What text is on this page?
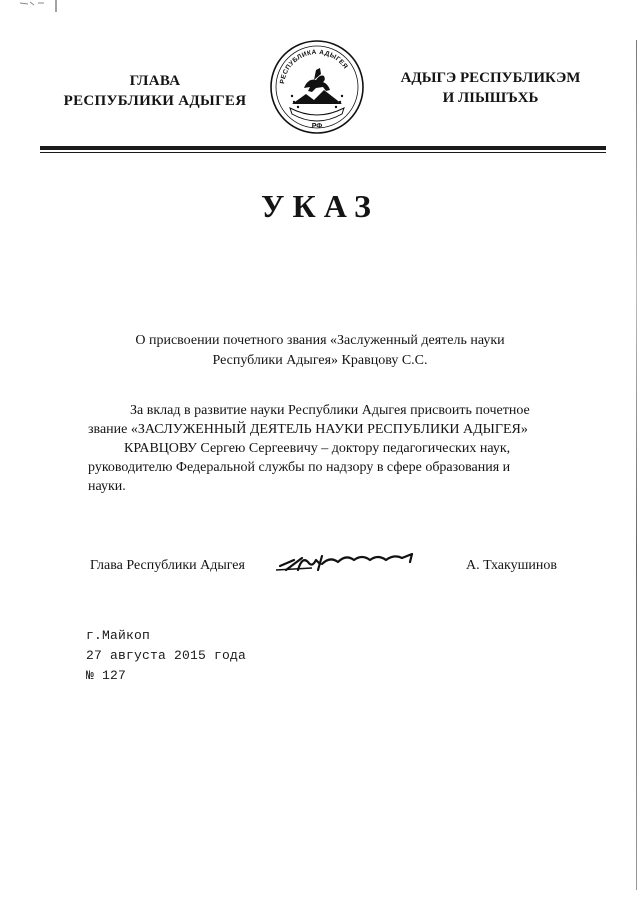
ГЛАВА
РЕСПУБЛИКИ АДЫГЕЯ
РЕСПУБЛИКА АДЫГЕЯ
РФ
АДЫГЭ РЕСПУБЛИКЭМ
И ЛІЫШЪХЬ
УКАЗ
О присвоении почетного звания «Заслуженный деятель науки
Республики Адыгея» Кравцову С.С.
За вклад в развитие науки Республики Адыгея присвоить почетное
звание «ЗАСЛУЖЕННЫЙ ДЕЯТЕЛЬ НАУКИ РЕСПУБЛИКИ АДЫГЕЯ»
КРАВЦОВУ Сергею Сергеевичу – доктору педагогических наук,
руководителю Федеральной службы по надзору в сфере образования и
науки.
Глава Республики Адыгея	А. Тхакушинов
г.Майкоп
27 августа 2015 года
№ 127
